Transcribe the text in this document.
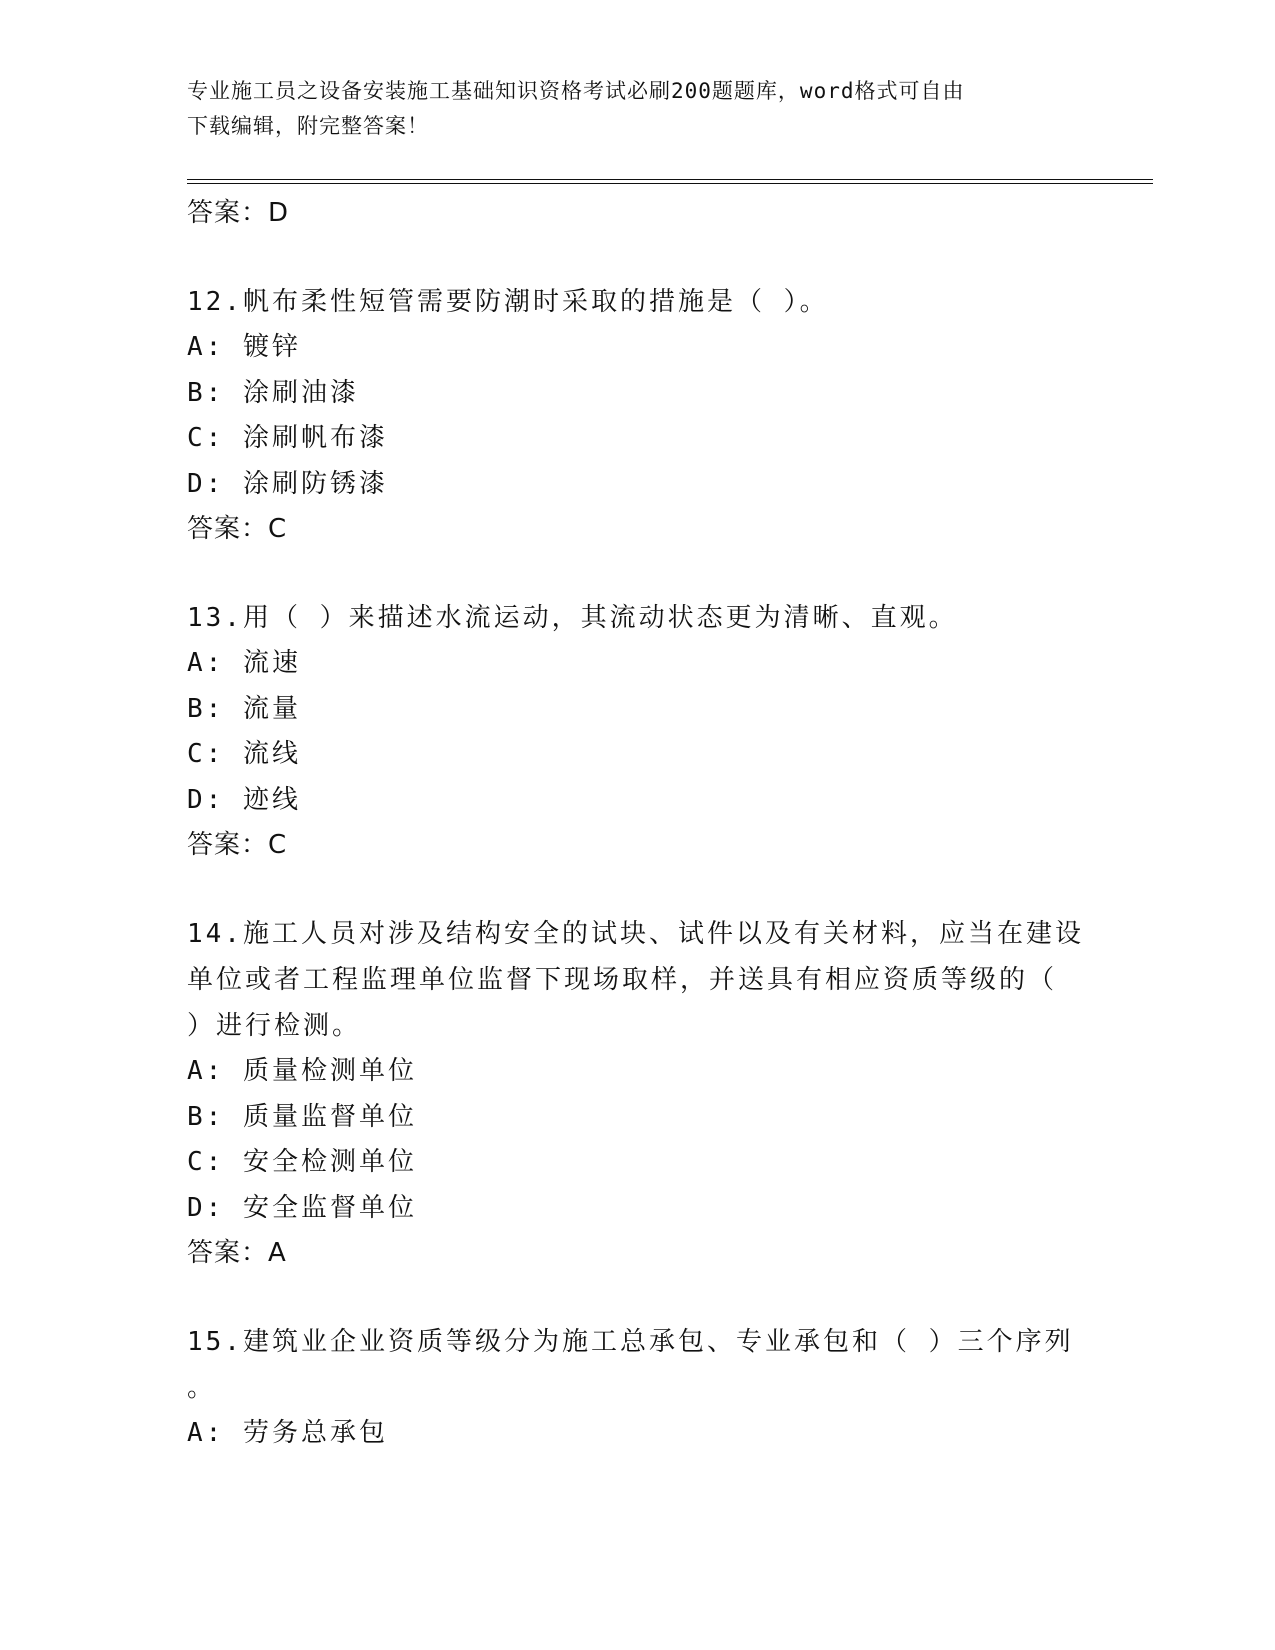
专业施工员之设备安装施工基础知识资格考试必刷200题题库，word格式可自由
下载编辑，附完整答案！
答案：D
12.帆布柔性短管需要防潮时采取的措施是（ ）。
A: 镀锌
B: 涂刷油漆
C: 涂刷帆布漆
D: 涂刷防锈漆
答案：C
13.用（ ）来描述水流运动，其流动状态更为清晰、直观。
A: 流速
B: 流量
C: 流线
D: 迹线
答案：C
14.施工人员对涉及结构安全的试块、试件以及有关材料，应当在建设
单位或者工程监理单位监督下现场取样，并送具有相应资质等级的（
）进行检测。
A: 质量检测单位
B: 质量监督单位
C: 安全检测单位
D: 安全监督单位
答案：A
15.建筑业企业资质等级分为施工总承包、专业承包和（ ）三个序列
。
A: 劳务总承包
